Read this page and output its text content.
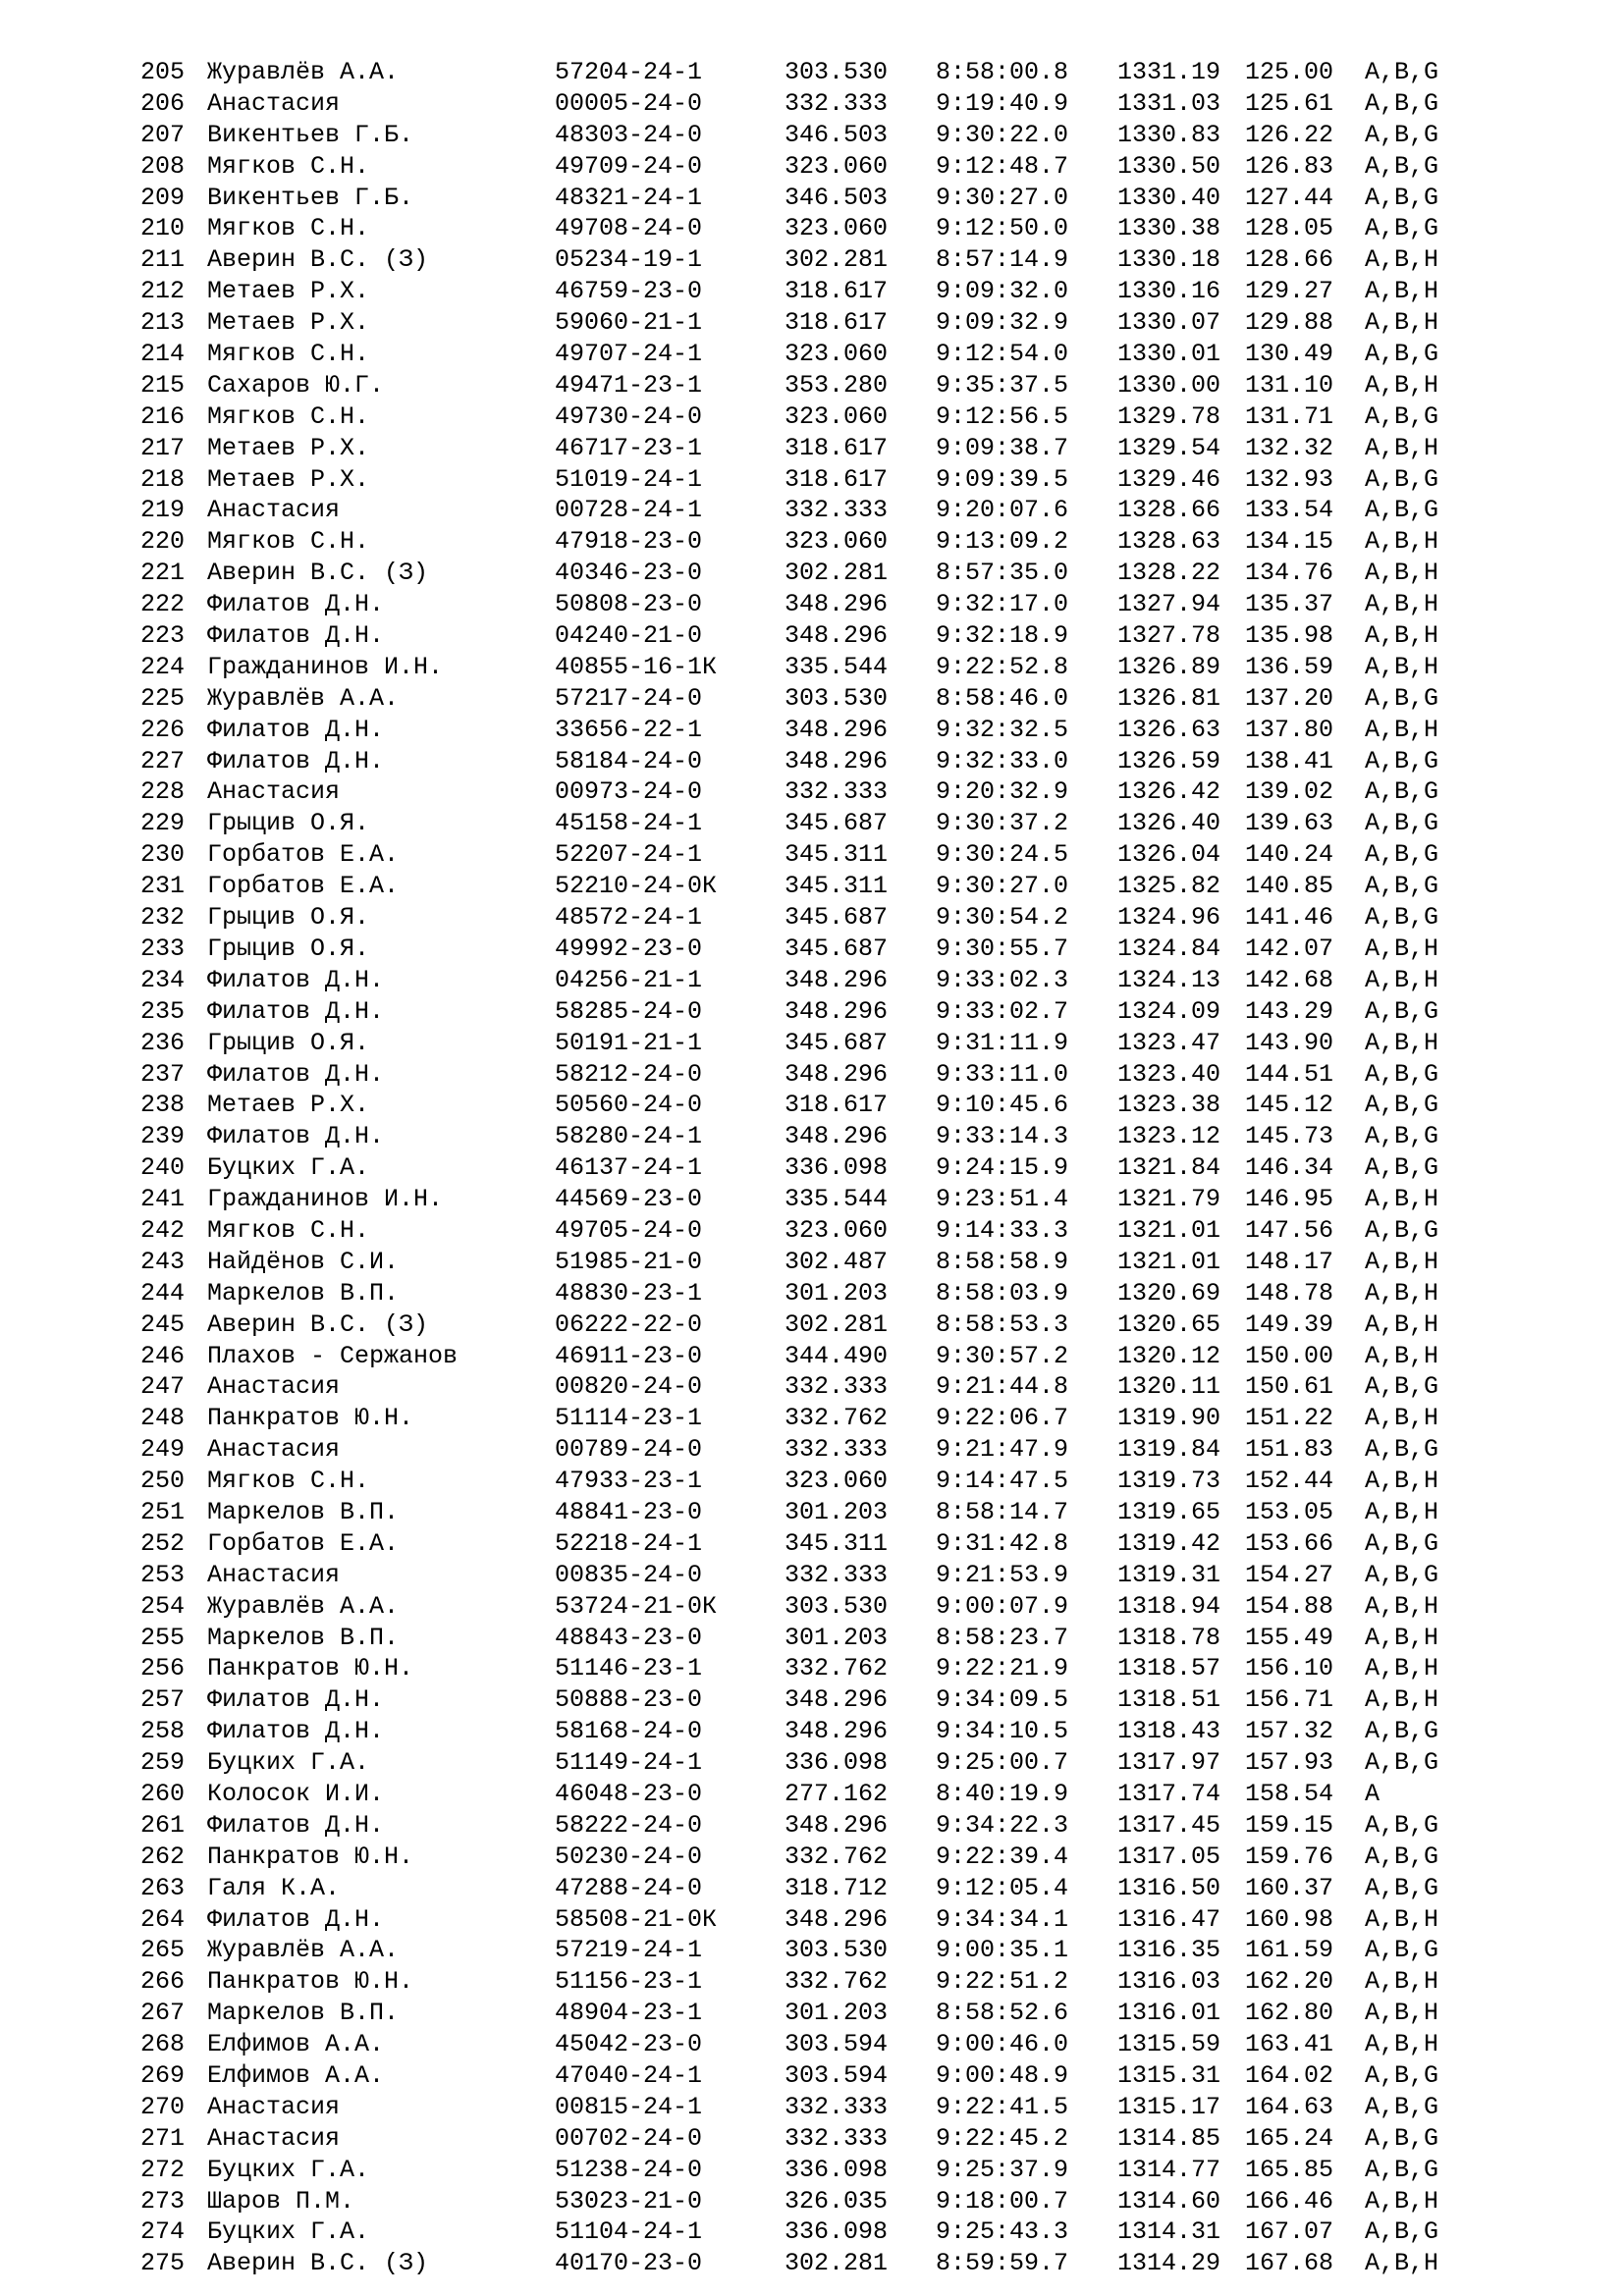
205 Журавлёв А.А.	57204-24-1	303.530 8:58:00.8 1331.19 125.00 A,B,G
206 Анастасия	00005-24-0	332.333 9:19:40.9 1331.03 125.61 A,B,G
207 Викентьев Г.Б.	48303-24-0	346.503 9:30:22.0 1330.83 126.22 A,B,G
208 Мягков С.Н.	49709-24-0	323.060 9:12:48.7 1330.50 126.83 A,B,G
209 Викентьев Г.Б.	48321-24-1	346.503 9:30:27.0 1330.40 127.44 A,B,G
210 Мягков С.Н.	49708-24-0	323.060 9:12:50.0 1330.38 128.05 A,B,G
211 Аверин В.С. (З)	05234-19-1	302.281 8:57:14.9 1330.18 128.66 A,B,H
212 Метаев Р.Х.	46759-23-0	318.617 9:09:32.0 1330.16 129.27 A,B,H
213 Метаев Р.Х.	59060-21-1	318.617 9:09:32.9 1330.07 129.88 A,B,H
214 Мягков С.Н.	49707-24-1	323.060 9:12:54.0 1330.01 130.49 A,B,G
215 Сахаров Ю.Г.	49471-23-1	353.280 9:35:37.5 1330.00 131.10 A,B,H
216 Мягков С.Н.	49730-24-0	323.060 9:12:56.5 1329.78 131.71 A,B,G
217 Метаев Р.Х.	46717-23-1	318.617 9:09:38.7 1329.54 132.32 A,B,H
218 Метаев Р.Х.	51019-24-1	318.617 9:09:39.5 1329.46 132.93 A,B,G
219 Анастасия	00728-24-1	332.333 9:20:07.6 1328.66 133.54 A,B,G
220 Мягков С.Н.	47918-23-0	323.060 9:13:09.2 1328.63 134.15 A,B,H
221 Аверин В.С. (З)	40346-23-0	302.281 8:57:35.0 1328.22 134.76 A,B,H
222 Филатов Д.Н.	50808-23-0	348.296 9:32:17.0 1327.94 135.37 A,B,H
223 Филатов Д.Н.	04240-21-0	348.296 9:32:18.9 1327.78 135.98 A,B,H
224 Гражданинов И.Н.	40855-16-1К	335.544 9:22:52.8 1326.89 136.59 A,B,H
225 Журавлёв А.А.	57217-24-0	303.530 8:58:46.0 1326.81 137.20 A,B,G
226 Филатов Д.Н.	33656-22-1	348.296 9:32:32.5 1326.63 137.80 A,B,H
227 Филатов Д.Н.	58184-24-0	348.296 9:32:33.0 1326.59 138.41 A,B,G
228 Анастасия	00973-24-0	332.333 9:20:32.9 1326.42 139.02 A,B,G
229 Грыцив О.Я.	45158-24-1	345.687 9:30:37.2 1326.40 139.63 A,B,G
230 Горбатов Е.А.	52207-24-1	345.311 9:30:24.5 1326.04 140.24 A,B,G
231 Горбатов Е.А.	52210-24-0К	345.311 9:30:27.0 1325.82 140.85 A,B,G
232 Грыцив О.Я.	48572-24-1	345.687 9:30:54.2 1324.96 141.46 A,B,G
233 Грыцив О.Я.	49992-23-0	345.687 9:30:55.7 1324.84 142.07 A,B,H
234 Филатов Д.Н.	04256-21-1	348.296 9:33:02.3 1324.13 142.68 A,B,H
235 Филатов Д.Н.	58285-24-0	348.296 9:33:02.7 1324.09 143.29 A,B,G
236 Грыцив О.Я.	50191-21-1	345.687 9:31:11.9 1323.47 143.90 A,B,H
237 Филатов Д.Н.	58212-24-0	348.296 9:33:11.0 1323.40 144.51 A,B,G
238 Метаев Р.Х.	50560-24-0	318.617 9:10:45.6 1323.38 145.12 A,B,G
239 Филатов Д.Н.	58280-24-1	348.296 9:33:14.3 1323.12 145.73 A,B,G
240 Буцких Г.А.	46137-24-1	336.098 9:24:15.9 1321.84 146.34 A,B,G
241 Гражданинов И.Н.	44569-23-0	335.544 9:23:51.4 1321.79 146.95 A,B,H
242 Мягков С.Н.	49705-24-0	323.060 9:14:33.3 1321.01 147.56 A,B,G
243 Найдёнов С.И.	51985-21-0	302.487 8:58:58.9 1321.01 148.17 A,B,H
244 Маркелов В.П.	48830-23-1	301.203 8:58:03.9 1320.69 148.78 A,B,H
245 Аверин В.С. (З)	06222-22-0	302.281 8:58:53.3 1320.65 149.39 A,B,H
246 Плахов - Сержанов	46911-23-0	344.490 9:30:57.2 1320.12 150.00 A,B,H
247 Анастасия	00820-24-0	332.333 9:21:44.8 1320.11 150.61 A,B,G
248 Панкратов Ю.Н.	51114-23-1	332.762 9:22:06.7 1319.90 151.22 A,B,H
249 Анастасия	00789-24-0	332.333 9:21:47.9 1319.84 151.83 A,B,G
250 Мягков С.Н.	47933-23-1	323.060 9:14:47.5 1319.73 152.44 A,B,H
251 Маркелов В.П.	48841-23-0	301.203 8:58:14.7 1319.65 153.05 A,B,H
252 Горбатов Е.А.	52218-24-1	345.311 9:31:42.8 1319.42 153.66 A,B,G
253 Анастасия	00835-24-0	332.333 9:21:53.9 1319.31 154.27 A,B,G
254 Журавлёв А.А.	53724-21-0К	303.530 9:00:07.9 1318.94 154.88 A,B,H
255 Маркелов В.П.	48843-23-0	301.203 8:58:23.7 1318.78 155.49 A,B,H
256 Панкратов Ю.Н.	51146-23-1	332.762 9:22:21.9 1318.57 156.10 A,B,H
257 Филатов Д.Н.	50888-23-0	348.296 9:34:09.5 1318.51 156.71 A,B,H
258 Филатов Д.Н.	58168-24-0	348.296 9:34:10.5 1318.43 157.32 A,B,G
259 Буцких Г.А.	51149-24-1	336.098 9:25:00.7 1317.97 157.93 A,B,G
260 Колосок И.И.	46048-23-0	277.162 8:40:19.9 1317.74 158.54 A
261 Филатов Д.Н.	58222-24-0	348.296 9:34:22.3 1317.45 159.15 A,B,G
262 Панкратов Ю.Н.	50230-24-0	332.762 9:22:39.4 1317.05 159.76 A,B,G
263 Галя К.А.	47288-24-0	318.712 9:12:05.4 1316.50 160.37 A,B,G
264 Филатов Д.Н.	58508-21-0К	348.296 9:34:34.1 1316.47 160.98 A,B,H
265 Журавлёв А.А.	57219-24-1	303.530 9:00:35.1 1316.35 161.59 A,B,G
266 Панкратов Ю.Н.	51156-23-1	332.762 9:22:51.2 1316.03 162.20 A,B,H
267 Маркелов В.П.	48904-23-1	301.203 8:58:52.6 1316.01 162.80 A,B,H
268 Елфимов А.А.	45042-23-0	303.594 9:00:46.0 1315.59 163.41 A,B,H
269 Елфимов А.А.	47040-24-1	303.594 9:00:48.9 1315.31 164.02 A,B,G
270 Анастасия	00815-24-1	332.333 9:22:41.5 1315.17 164.63 A,B,G
271 Анастасия	00702-24-0	332.333 9:22:45.2 1314.85 165.24 A,B,G
272 Буцких Г.А.	51238-24-0	336.098 9:25:37.9 1314.77 165.85 A,B,G
273 Шаров П.М.	53023-21-0	326.035 9:18:00.7 1314.60 166.46 A,B,H
274 Буцких Г.А.	51104-24-1	336.098 9:25:43.3 1314.31 167.07 A,B,G
275 Аверин В.С. (З)	40170-23-0	302.281 8:59:59.7 1314.29 167.68 A,B,H
